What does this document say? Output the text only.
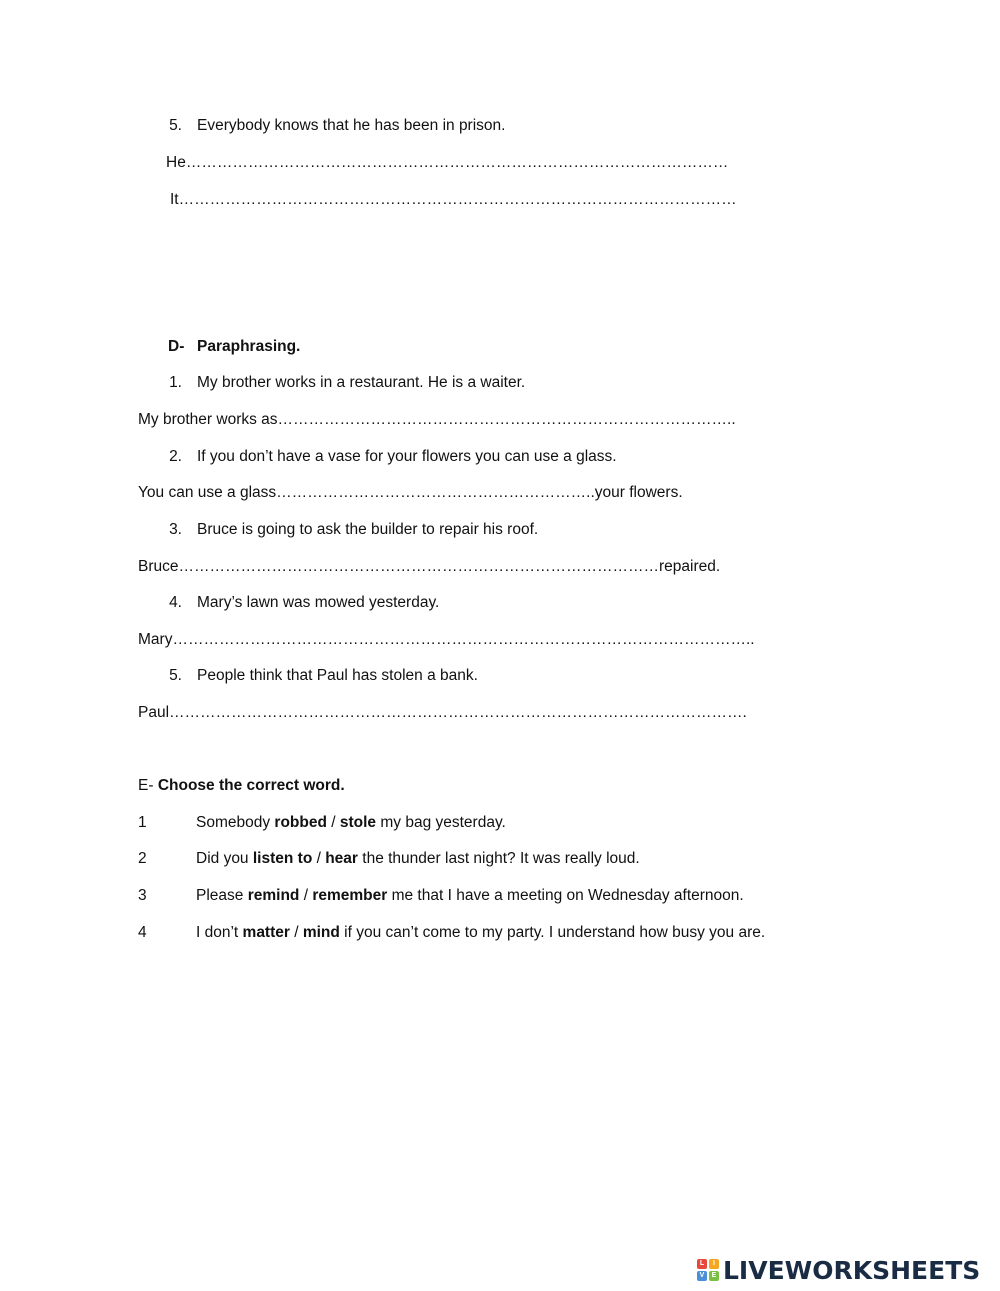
5. Everybody knows that he has been in prison.
He……………………………………………………………………………………………
It………………………………………………………………………………………………
D- Paraphrasing.
1. My brother works in a restaurant. He is a waiter.
My brother works as……………………………………………………………………………..
2. If you don’t have a vase for your flowers you can use a glass.
You can use a glass……………………………………………………..your flowers.
3. Bruce is going to ask the builder to repair his roof.
Bruce…………………………………………………………………………………repaired.
4. Mary’s lawn was mowed yesterday.
Mary…………………………………………………………………………………………………..
5. People think that Paul has stolen a bank.
Paul………………………………………………………………………………………………….
E- Choose the correct word.
1	Somebody robbed / stole my bag yesterday.
2	Did you listen to / hear the thunder last night? It was really loud.
3	Please remind / remember me that I have a meeting on Wednesday afternoon.
4	I don’t matter / mind if you can’t come to my party. I understand how busy you are.
L	I
V	E LIVEWORKSHEETS
